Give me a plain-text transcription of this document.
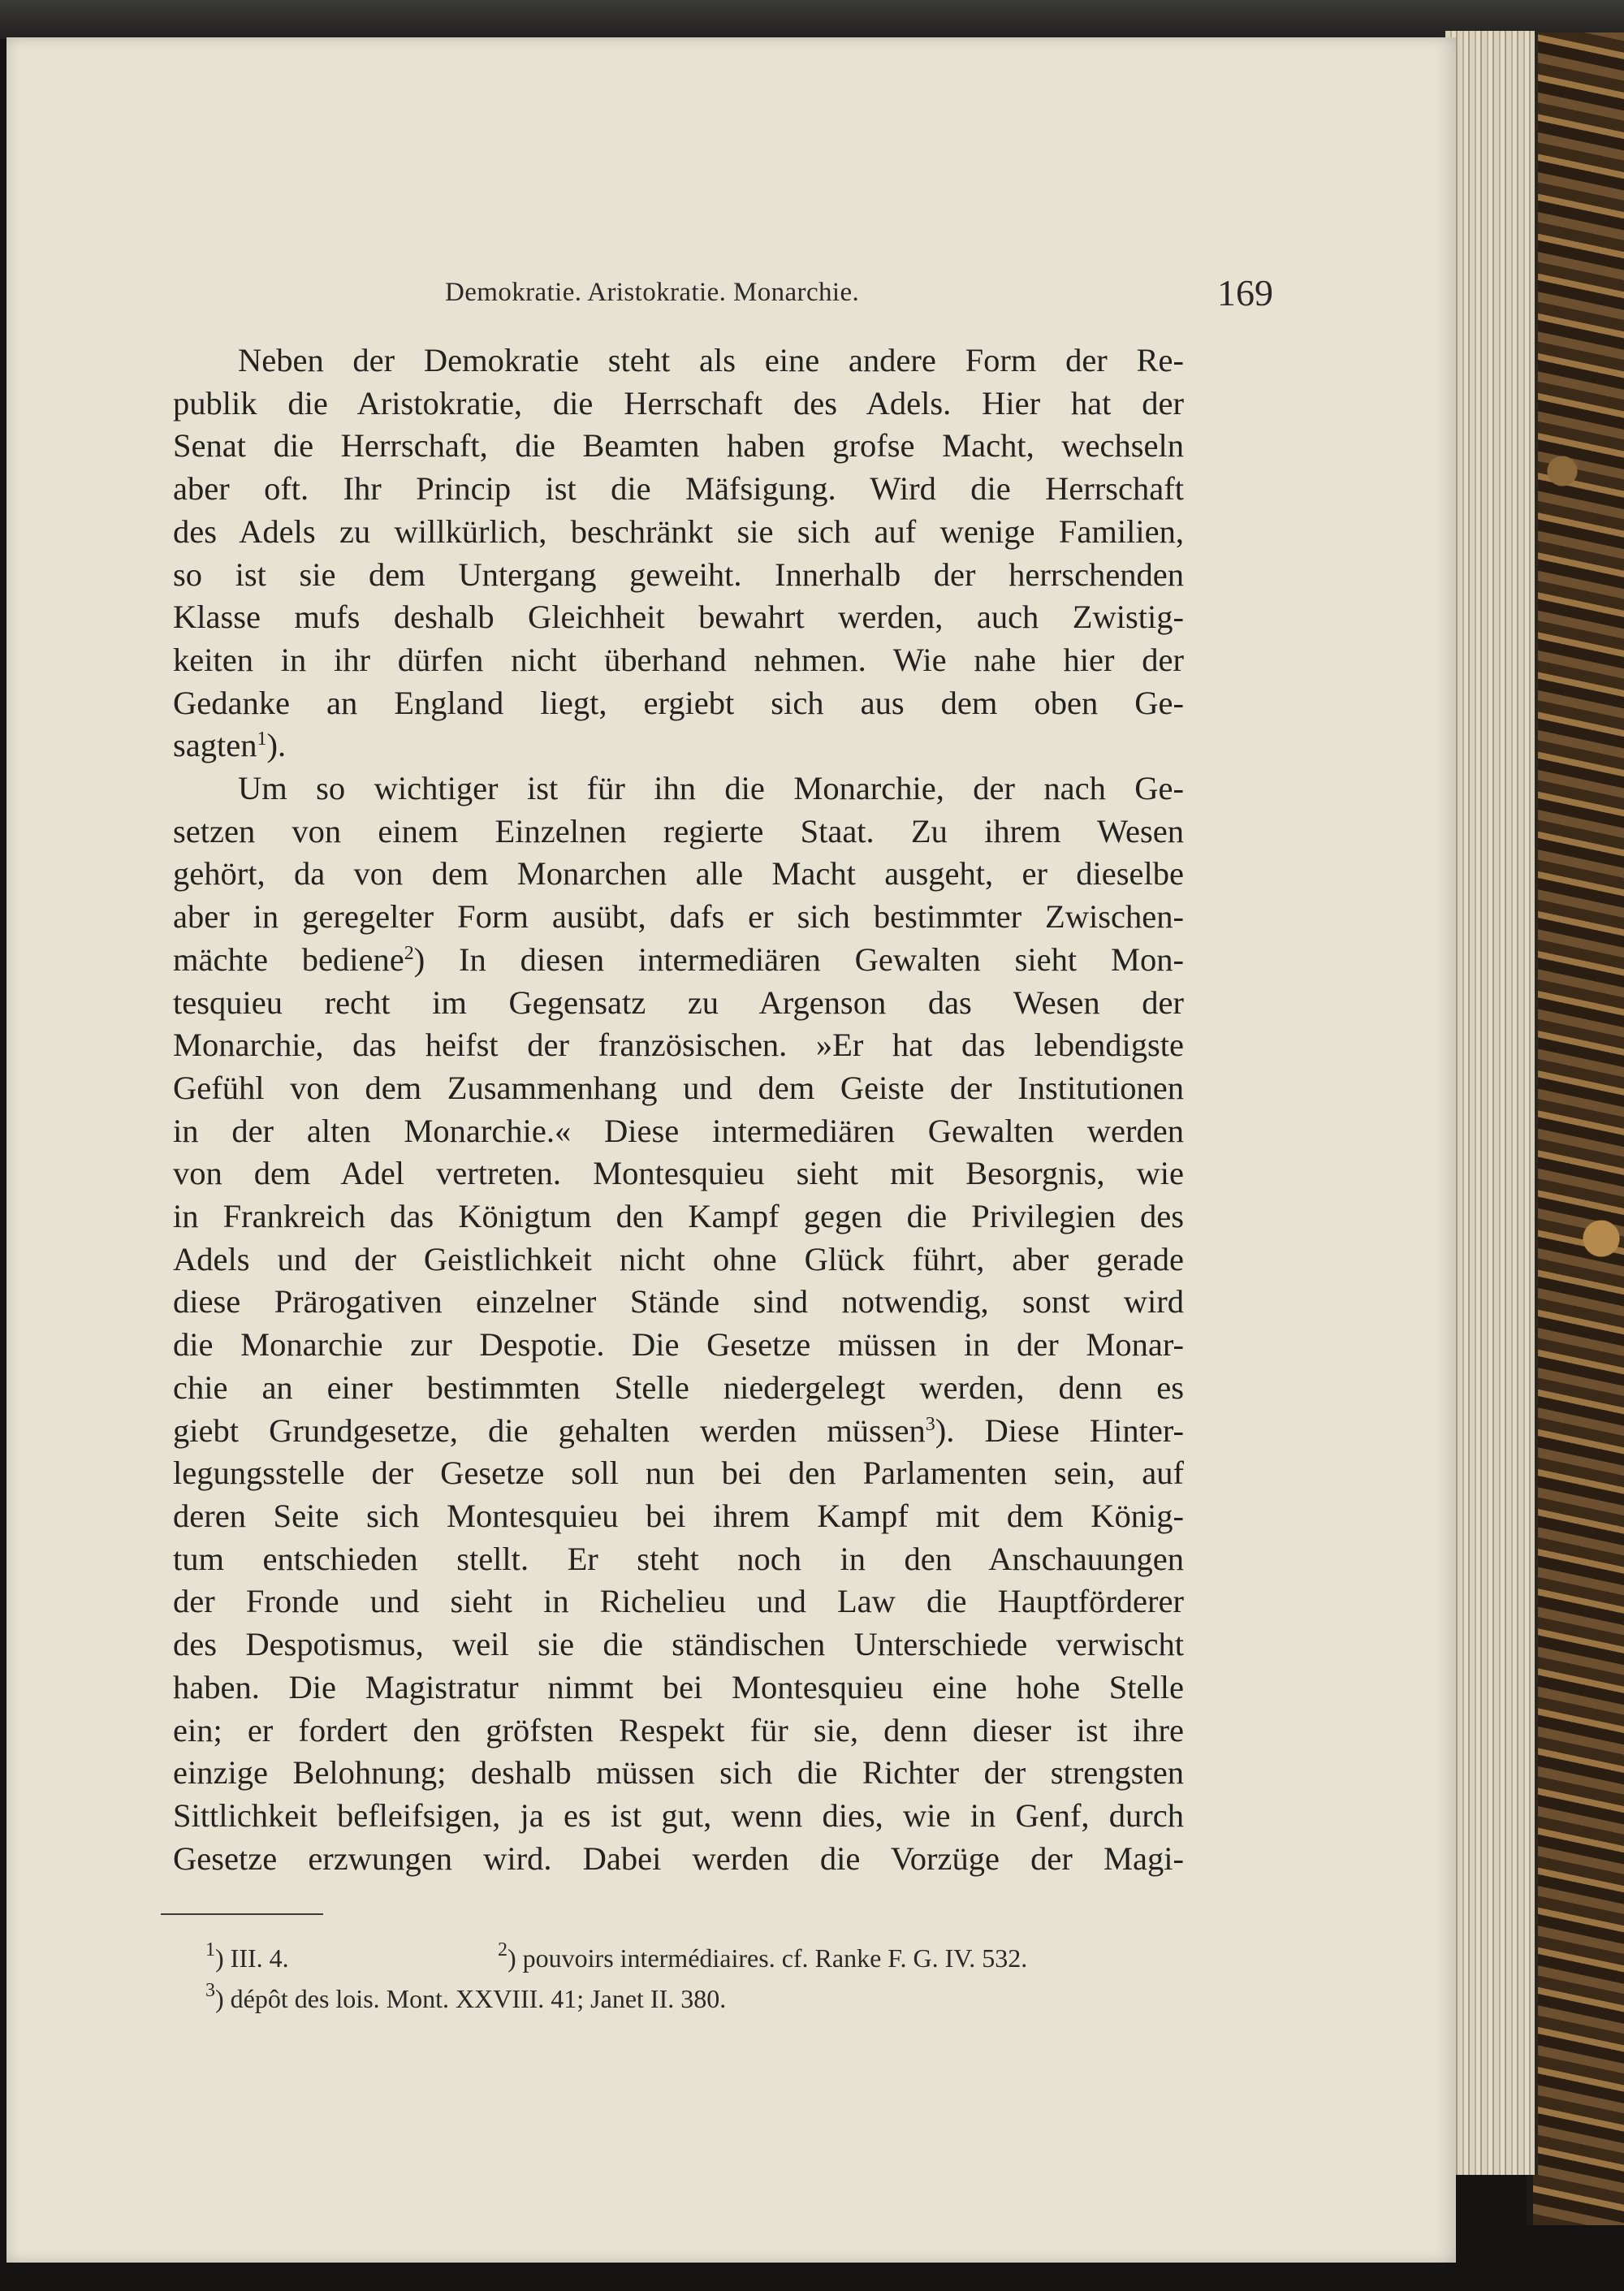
Demokratie. Aristokratie. Monarchie.	169
Neben der Demokratie steht als eine andere Form der Re-
publik die Aristokratie, die Herrschaft des Adels. Hier hat der
Senat die Herrschaft, die Beamten haben grofse Macht, wechseln
aber oft. Ihr Princip ist die Mäfsigung. Wird die Herrschaft
des Adels zu willkürlich, beschränkt sie sich auf wenige Familien,
so ist sie dem Untergang geweiht. Innerhalb der herrschenden
Klasse mufs deshalb Gleichheit bewahrt werden, auch Zwistig-
keiten in ihr dürfen nicht überhand nehmen. Wie nahe hier der
Gedanke an England liegt, ergiebt sich aus dem oben Ge-
sagten$^1$).
Um so wichtiger ist für ihn die Monarchie, der nach Ge-
setzen von einem Einzelnen regierte Staat. Zu ihrem Wesen
gehört, da von dem Monarchen alle Macht ausgeht, er dieselbe
aber in geregelter Form ausübt, dafs er sich bestimmter Zwischen-
mächte bediene$^2$) In diesen intermediären Gewalten sieht Mon-
tesquieu recht im Gegensatz zu Argenson das Wesen der
Monarchie, das heifst der französischen. »Er hat das lebendigste
Gefühl von dem Zusammenhang und dem Geiste der Institutionen
in der alten Monarchie.« Diese intermediären Gewalten werden
von dem Adel vertreten. Montesquieu sieht mit Besorgnis, wie
in Frankreich das Königtum den Kampf gegen die Privilegien des
Adels und der Geistlichkeit nicht ohne Glück führt, aber gerade
diese Prärogativen einzelner Stände sind notwendig, sonst wird
die Monarchie zur Despotie. Die Gesetze müssen in der Monar-
chie an einer bestimmten Stelle niedergelegt werden, denn es
giebt Grundgesetze, die gehalten werden müssen$^3$). Diese Hinter-
legungsstelle der Gesetze soll nun bei den Parlamenten sein, auf
deren Seite sich Montesquieu bei ihrem Kampf mit dem König-
tum entschieden stellt. Er steht noch in den Anschauungen
der Fronde und sieht in Richelieu und Law die Hauptförderer
des Despotismus, weil sie die ständischen Unterschiede verwischt
haben. Die Magistratur nimmt bei Montesquieu eine hohe Stelle
ein; er fordert den gröfsten Respekt für sie, denn dieser ist ihre
einzige Belohnung; deshalb müssen sich die Richter der strengsten
Sittlichkeit befleifsigen, ja es ist gut, wenn dies, wie in Genf, durch
Gesetze erzwungen wird. Dabei werden die Vorzüge der Magi-
$^1$) III. 4.	$^2$) pouvoirs intermédiaires. cf. Ranke F. G. IV. 532.
$^3$) dépôt des lois. Mont. XXVIII. 41; Janet II. 380.
